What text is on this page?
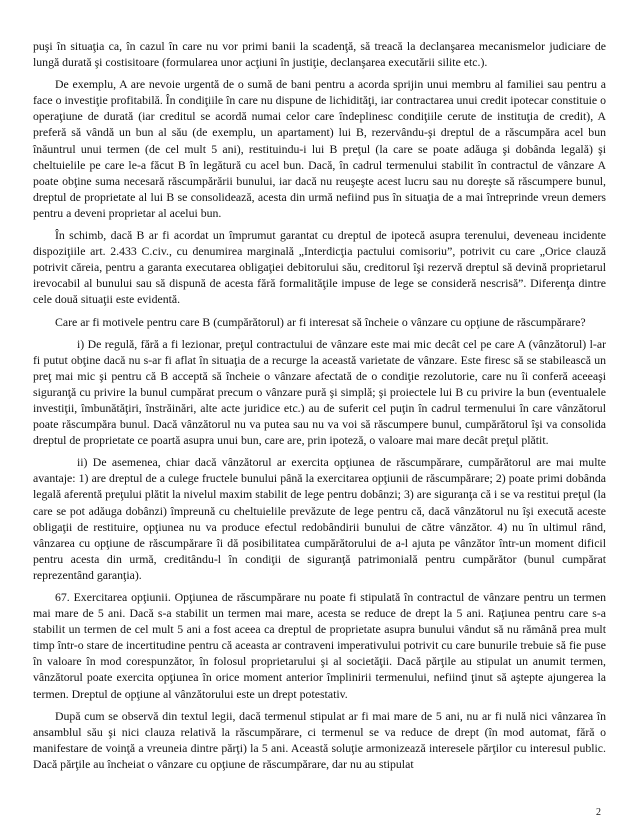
puşi în situaţia ca, în cazul în care nu vor primi banii la scadenţă, să treacă la declanşarea mecanismelor judiciare de lungă durată şi costisitoare (formularea unor acţiuni în justiţie, declanşarea executării silite etc.).

De exemplu, A are nevoie urgentă de o sumă de bani pentru a acorda sprijin unui membru al familiei sau pentru a face o investiţie profitabilă. În condiţiile în care nu dispune de lichidităţi, iar contractarea unui credit ipotecar constituie o operaţiune de durată (iar creditul se acordă numai celor care îndeplinesc condiţiile cerute de instituţia de credit), A preferă să vândă un bun al său (de exemplu, un apartament) lui B, rezervându-şi dreptul de a răscumpăra acel bun înăuntrul unui termen (de cel mult 5 ani), restituindu-i lui B preţul (la care se poate adăuga şi dobânda legală) şi cheltuielile pe care le-a făcut B în legătură cu acel bun. Dacă, în cadrul termenului stabilit în contractul de vânzare A poate obţine suma necesară răscumpărării bunului, iar dacă nu reuşeşte acest lucru sau nu doreşte să răscumpere bunul, dreptul de proprietate al lui B se consolidează, acesta din urmă nefiind pus în situaţia de a mai întreprinde vreun demers pentru a deveni proprietar al acelui bun.

În schimb, dacă B ar fi acordat un împrumut garantat cu dreptul de ipotecă asupra terenului, deveneau incidente dispoziţiile art. 2.433 C.civ., cu denumirea marginală „Interdicţia pactului comisoriu”, potrivit cu care „Orice clauză potrivit căreia, pentru a garanta executarea obligaţiei debitorului său, creditorul îşi rezervă dreptul să devină proprietarul irevocabil al bunului sau să dispună de acesta fără formalităţile impuse de lege se consideră nescrisă”. Diferenţa dintre cele două situaţii este evidentă.

Care ar fi motivele pentru care B (cumpărătorul) ar fi interesat să încheie o vânzare cu opţiune de răscumpărare?

i) De regulă, fără a fi lezionar, preţul contractului de vânzare este mai mic decât cel pe care A (vânzătorul) l-ar fi putut obţine dacă nu s-ar fi aflat în situaţia de a recurge la această varietate de vânzare. Este firesc să se stabilească un preţ mai mic şi pentru că B acceptă să încheie o vânzare afectată de o condiţie rezolutorie, care nu îi conferă aceeaşi siguranţă cu privire la bunul cumpărat precum o vânzare pură şi simplă; şi proiectele lui B cu privire la bun (eventualele investiţii, îmbunătăţiri, înstrăinări, alte acte juridice etc.) au de suferit cel puţin în cadrul termenului în care vânzătorul poate răscumpăra bunul. Dacă vânzătorul nu va putea sau nu va voi să răscumpere bunul, cumpărătorul îşi va consolida dreptul de proprietate ce poartă asupra unui bun, care are, prin ipoteză, o valoare mai mare decât preţul plătit.

ii) De asemenea, chiar dacă vânzătorul ar exercita opţiunea de răscumpărare, cumpărătorul are mai multe avantaje: 1) are dreptul de a culege fructele bunului până la exercitarea opţiunii de răscumpărare; 2) poate primi dobânda legală aferentă preţului plătit la nivelul maxim stabilit de lege pentru dobânzi; 3) are siguranţa că i se va restitui preţul (la care se pot adăuga dobânzi) împreună cu cheltuielile prevăzute de lege pentru că, dacă vânzătorul nu îşi execută aceste obligaţii de restituire, opţiunea nu va produce efectul redobândirii bunului de către vânzător. 4) nu în ultimul rând, vânzarea cu opţiune de răscumpărare îi dă posibilitatea cumpărătorului de a-l ajuta pe vânzător într-un moment dificil pentru acesta din urmă, creditându-l în condiţii de siguranţă patrimonială pentru cumpărător (bunul cumpărat reprezentând garanţia).

67. Exercitarea opţiunii. Opţiunea de răscumpărare nu poate fi stipulată în contractul de vânzare pentru un termen mai mare de 5 ani. Dacă s-a stabilit un termen mai mare, acesta se reduce de drept la 5 ani. Raţiunea pentru care s-a stabilit un termen de cel mult 5 ani a fost aceea ca dreptul de proprietate asupra bunului vândut să nu rămână prea mult timp într-o stare de incertitudine pentru că aceasta ar contraveni imperativului potrivit cu care bunurile trebuie să fie puse în valoare în mod corespunzător, în folosul proprietarului şi al societăţii. Dacă părţile au stipulat un anumit termen, vânzătorul poate exercita opţiunea în orice moment anterior împlinirii termenului, nefiind ţinut să aştepte ajungerea la termen. Dreptul de opţiune al vânzătorului este un drept potestativ.

După cum se observă din textul legii, dacă termenul stipulat ar fi mai mare de 5 ani, nu ar fi nulă nici vânzarea în ansamblul său şi nici clauza relativă la răscumpărare, ci termenul se va reduce de drept (în mod automat, fără o manifestare de voinţă a vreuneia dintre părţi) la 5 ani. Această soluţie armonizează interesele părţilor cu interesul public. Dacă părţile au încheiat o vânzare cu opţiune de răscumpărare, dar nu au stipulat

2
